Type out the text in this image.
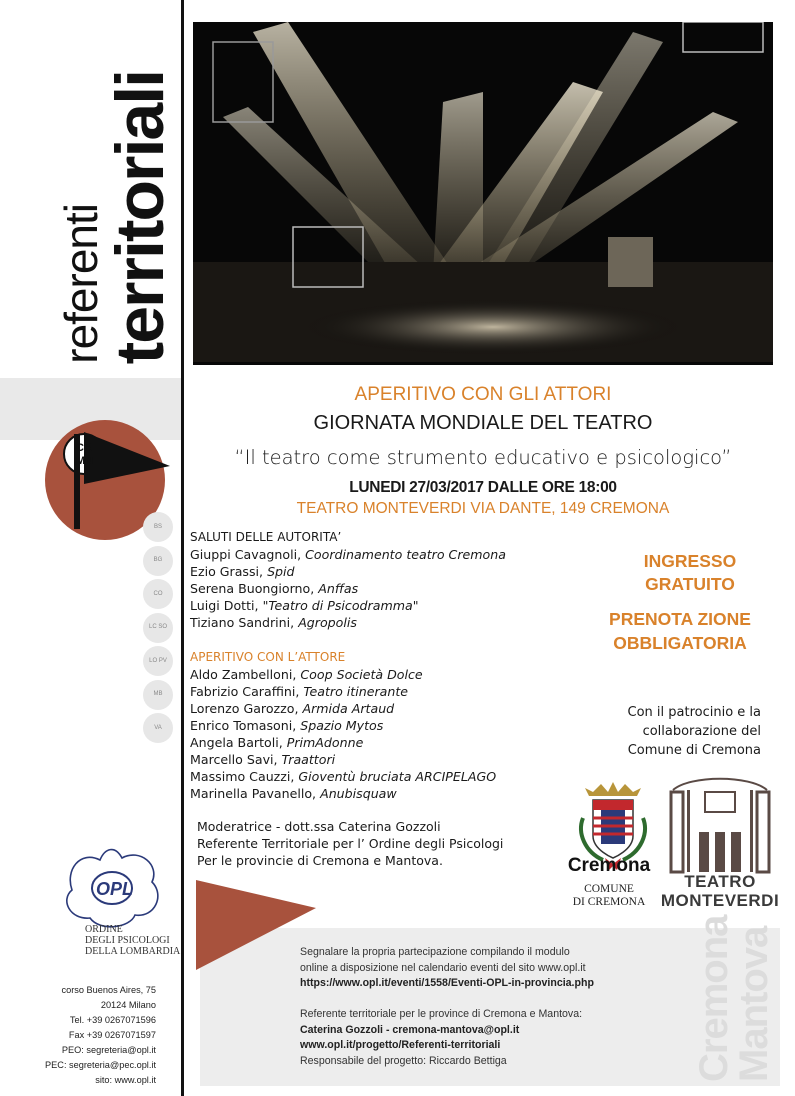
referenti
territoriali
CR
MN
BS
BG
CO
LC SO
LO PV
MB
VA
OPL
ORDINE
DEGLI PSICOLOGI
DELLA LOMBARDIA
corso Buenos Aires, 75
20124 Milano
Tel. +39 0267071596
Fax +39 0267071597
PEO: segreteria@opl.it
PEC: segreteria@pec.opl.it
sito: www.opl.it
APERITIVO CON GLI ATTORI
GIORNATA MONDIALE DEL TEATRO
“Il teatro come strumento educativo e psicologico”
LUNEDI 27/03/2017 DALLE ORE 18:00
TEATRO MONTEVERDI VIA DANTE, 149 CREMONA
SALUTI DELLE AUTORITA’
Giuppi Cavagnoli, Coordinamento teatro Cremona
Ezio Grassi, Spid
Serena Buongiorno, Anffas
Luigi Dotti, "Teatro di Psicodramma"
Tiziano Sandrini, Agropolis
APERITIVO CON L’ATTORE
Aldo Zambelloni, Coop Società Dolce
Fabrizio Caraffini, Teatro itinerante
Lorenzo Garozzo, Armida Artaud
Enrico Tomasoni, Spazio Mytos
Angela Bartoli, PrimAdonne
Marcello Savi, Traattori
Massimo Cauzzi, Gioventù bruciata ARCIPELAGO
Marinella Pavanello, Anubisquaw
Moderatrice - dott.ssa Caterina Gozzoli
Referente Territoriale per l’ Ordine degli Psicologi
Per le provincie di Cremona e Mantova.
INGRESSO
GRATUITO
PRENOTA ZIONE
OBBLIGATORIA
Con il patrocinio e la
collaborazione del
Comune di Cremona
Cremona
COMUNE
DI CREMONA
TEATRO
MONTEVERDI
Cremona
Mantova
Segnalare la propria partecipazione compilando il modulo
online a disposizione nel calendario eventi del sito www.opl.it
https://www.opl.it/eventi/1558/Eventi-OPL-in-provincia.php
Referente territoriale per le province di Cremona e Mantova:
Caterina Gozzoli - cremona-mantova@opl.it
www.opl.it/progetto/Referenti-territoriali
Responsabile del progetto: Riccardo Bettiga
